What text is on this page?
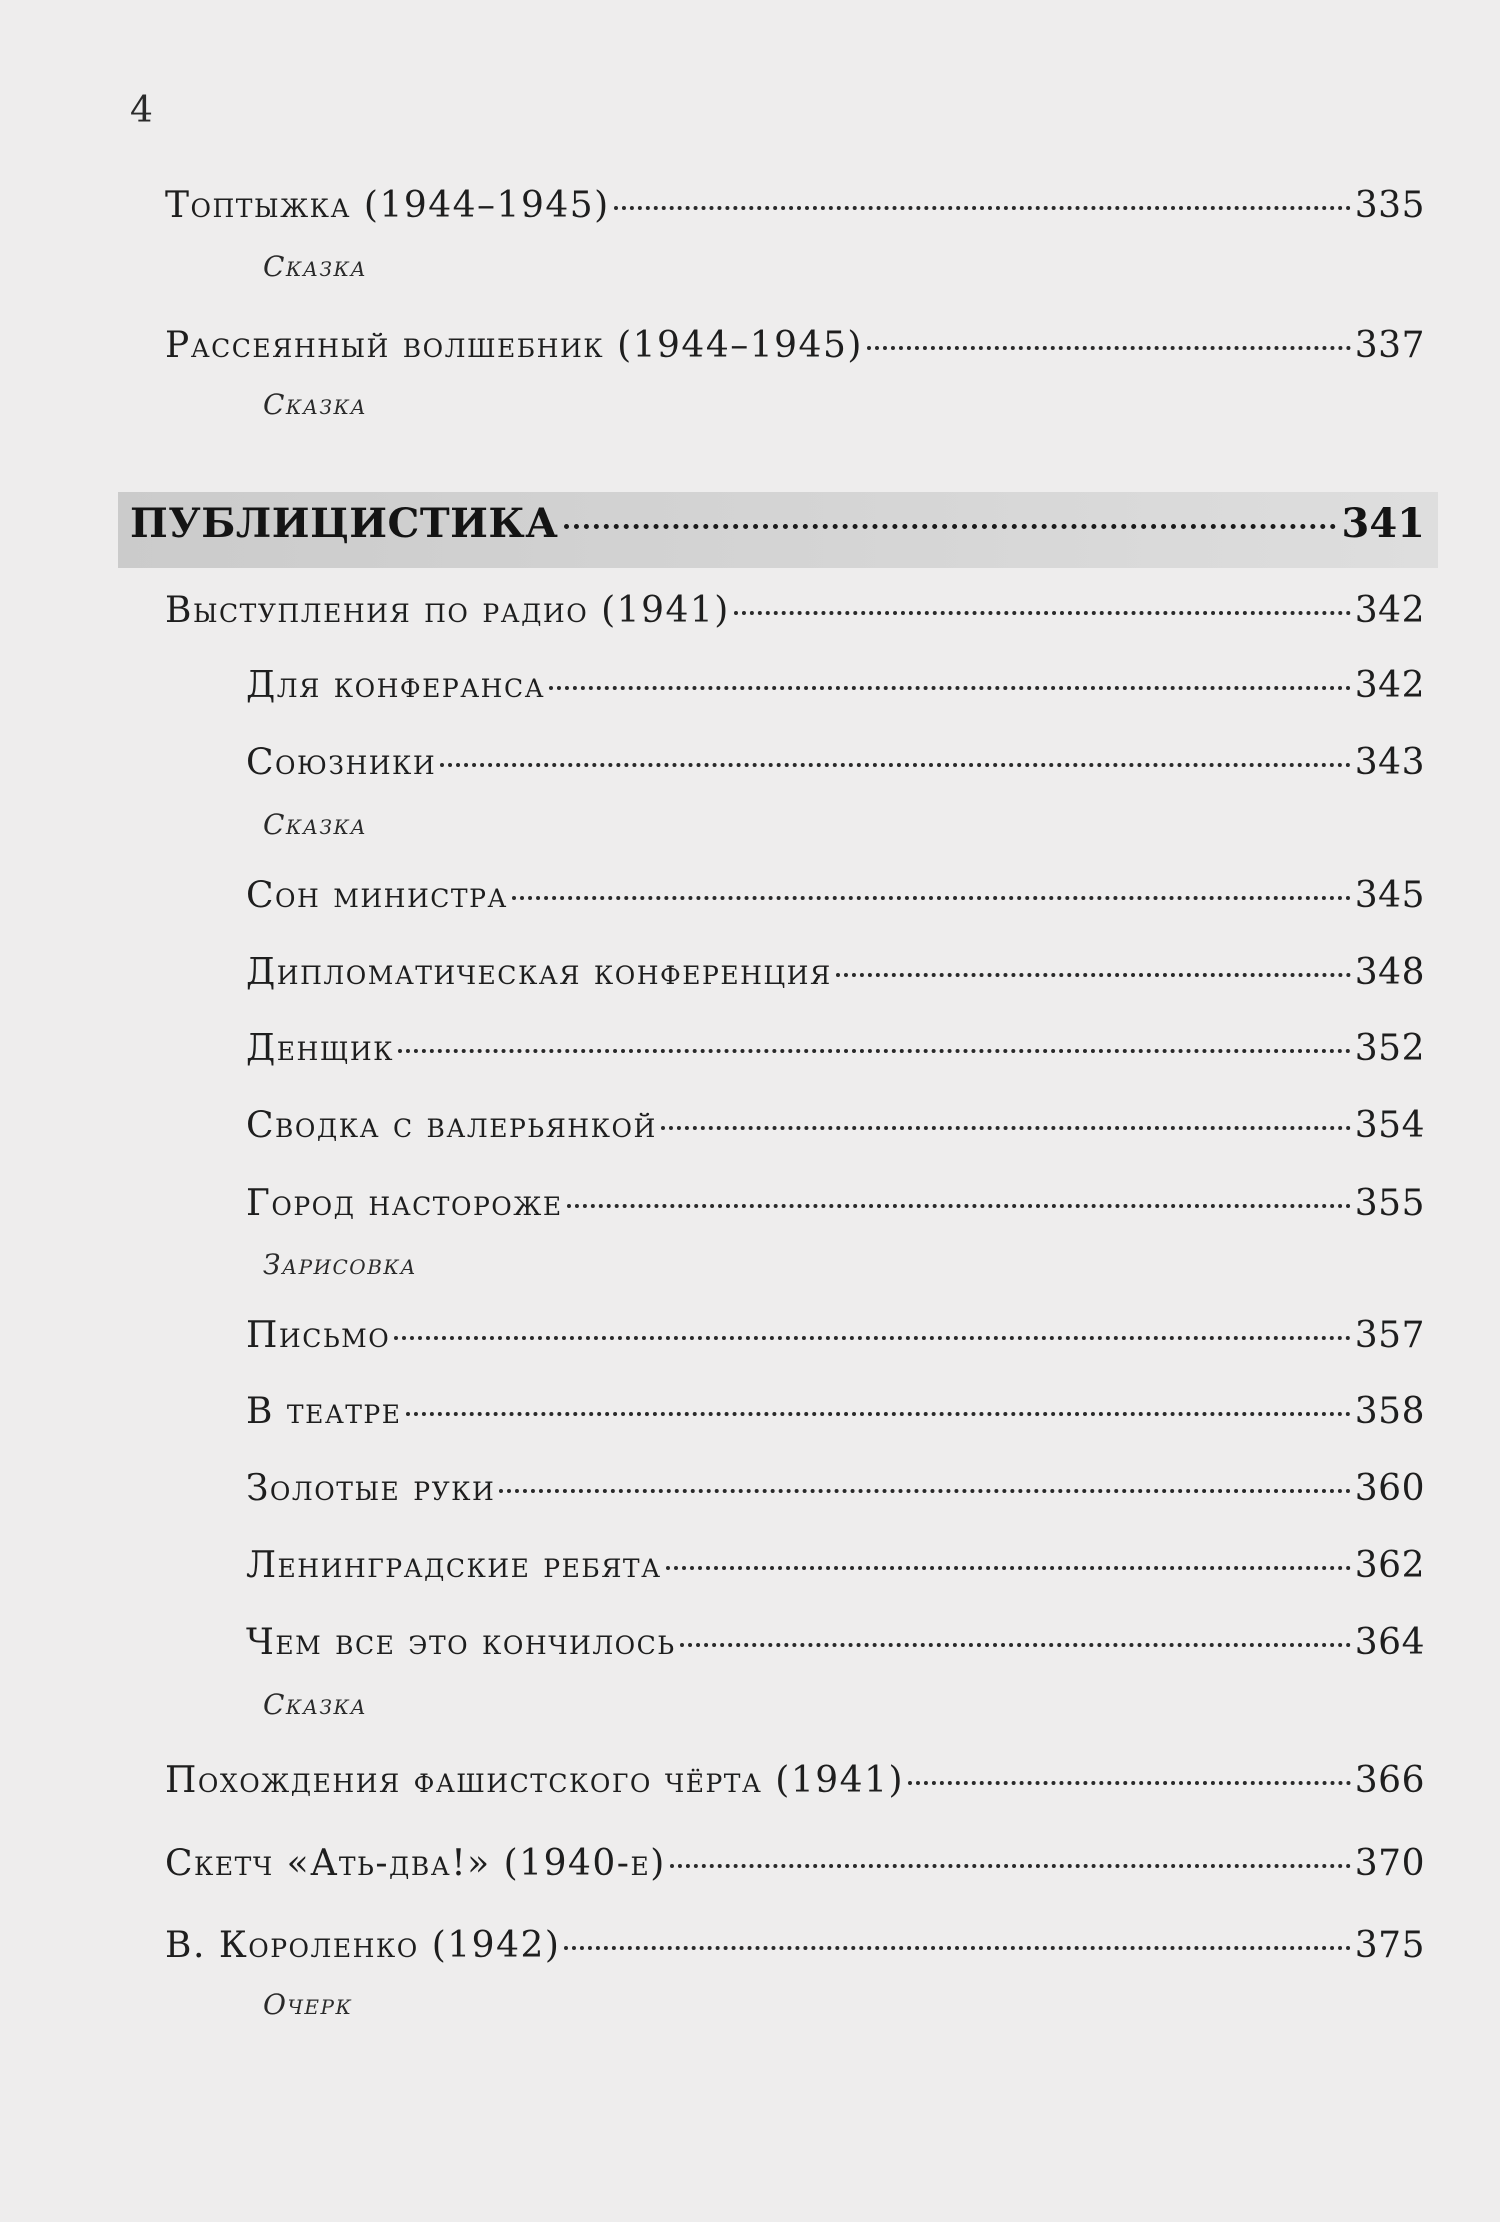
4
Топтыжка (1944–1945)	335
Сказка
Рассеянный волшебник (1944–1945)	337
Сказка
ПУБЛИЦИСТИКА	341
Выступления по радио (1941)	342
Для конферанса	342
Союзники	343
Сказка
Сон министра	345
Дипломатическая конференция	348
Денщик	352
Сводка с валерьянкой	354
Город настороже	355
Зарисовка
Письмо	357
В театре	358
Золотые руки	360
Ленинградские ребята	362
Чем все это кончилось	364
Сказка
Похождения фашистского чёрта (1941)	366
Скетч «Ать-два!» (1940-е)	370
В. Короленко (1942)	375
Очерк
